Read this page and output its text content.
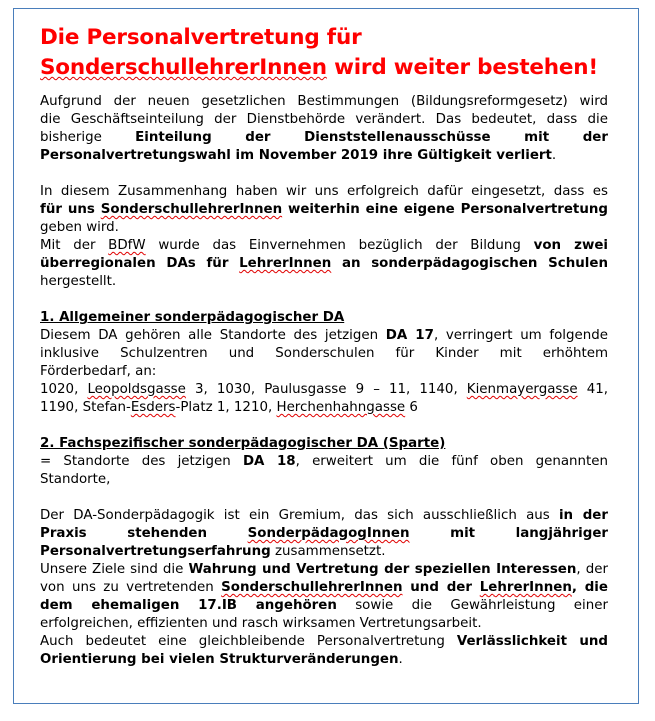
Die Personalvertretung für
SonderschullehrerInnen wird weiter bestehen!
Aufgrund der neuen gesetzlichen Bestimmungen (Bildungsreformgesetz) wird
die Geschäftseinteilung der Dienstbehörde verändert. Das bedeutet, dass die
bisherige Einteilung der Dienststellenausschüsse mit der
Personalvertretungswahl im November 2019 ihre Gültigkeit verliert.
In diesem Zusammenhang haben wir uns erfolgreich dafür eingesetzt, dass es
für uns SonderschullehrerInnen weiterhin eine eigene Personalvertretung
geben wird.
Mit der BDfW wurde das Einvernehmen bezüglich der Bildung von zwei
überregionalen DAs für LehrerInnen an sonderpädagogischen Schulen
hergestellt.
1. Allgemeiner sonderpädagogischer DA
Diesem DA gehören alle Standorte des jetzigen DA 17, verringert um folgende
inklusive Schulzentren und Sonderschulen für Kinder mit erhöhtem
Förderbedarf, an:
1020, Leopoldsgasse 3, 1030, Paulusgasse 9 – 11, 1140, Kienmayergasse 41,
1190, Stefan-Esders-Platz 1, 1210, Herchenhahngasse 6
2. Fachspezifischer sonderpädagogischer DA (Sparte)
= Standorte des jetzigen DA 18, erweitert um die fünf oben genannten
Standorte,
Der DA-Sonderpädagogik ist ein Gremium, das sich ausschließlich aus in der
Praxis stehenden SonderpädagogInnen mit langjähriger
Personalvertretungserfahrung zusammensetzt.
Unsere Ziele sind die Wahrung und Vertretung der speziellen Interessen, der
von uns zu vertretenden SonderschullehrerInnen und der LehrerInnen, die
dem ehemaligen 17.IB angehören sowie die Gewährleistung einer
erfolgreichen, effizienten und rasch wirksamen Vertretungsarbeit.
Auch bedeutet eine gleichbleibende Personalvertretung Verlässlichkeit und
Orientierung bei vielen Strukturveränderungen.
